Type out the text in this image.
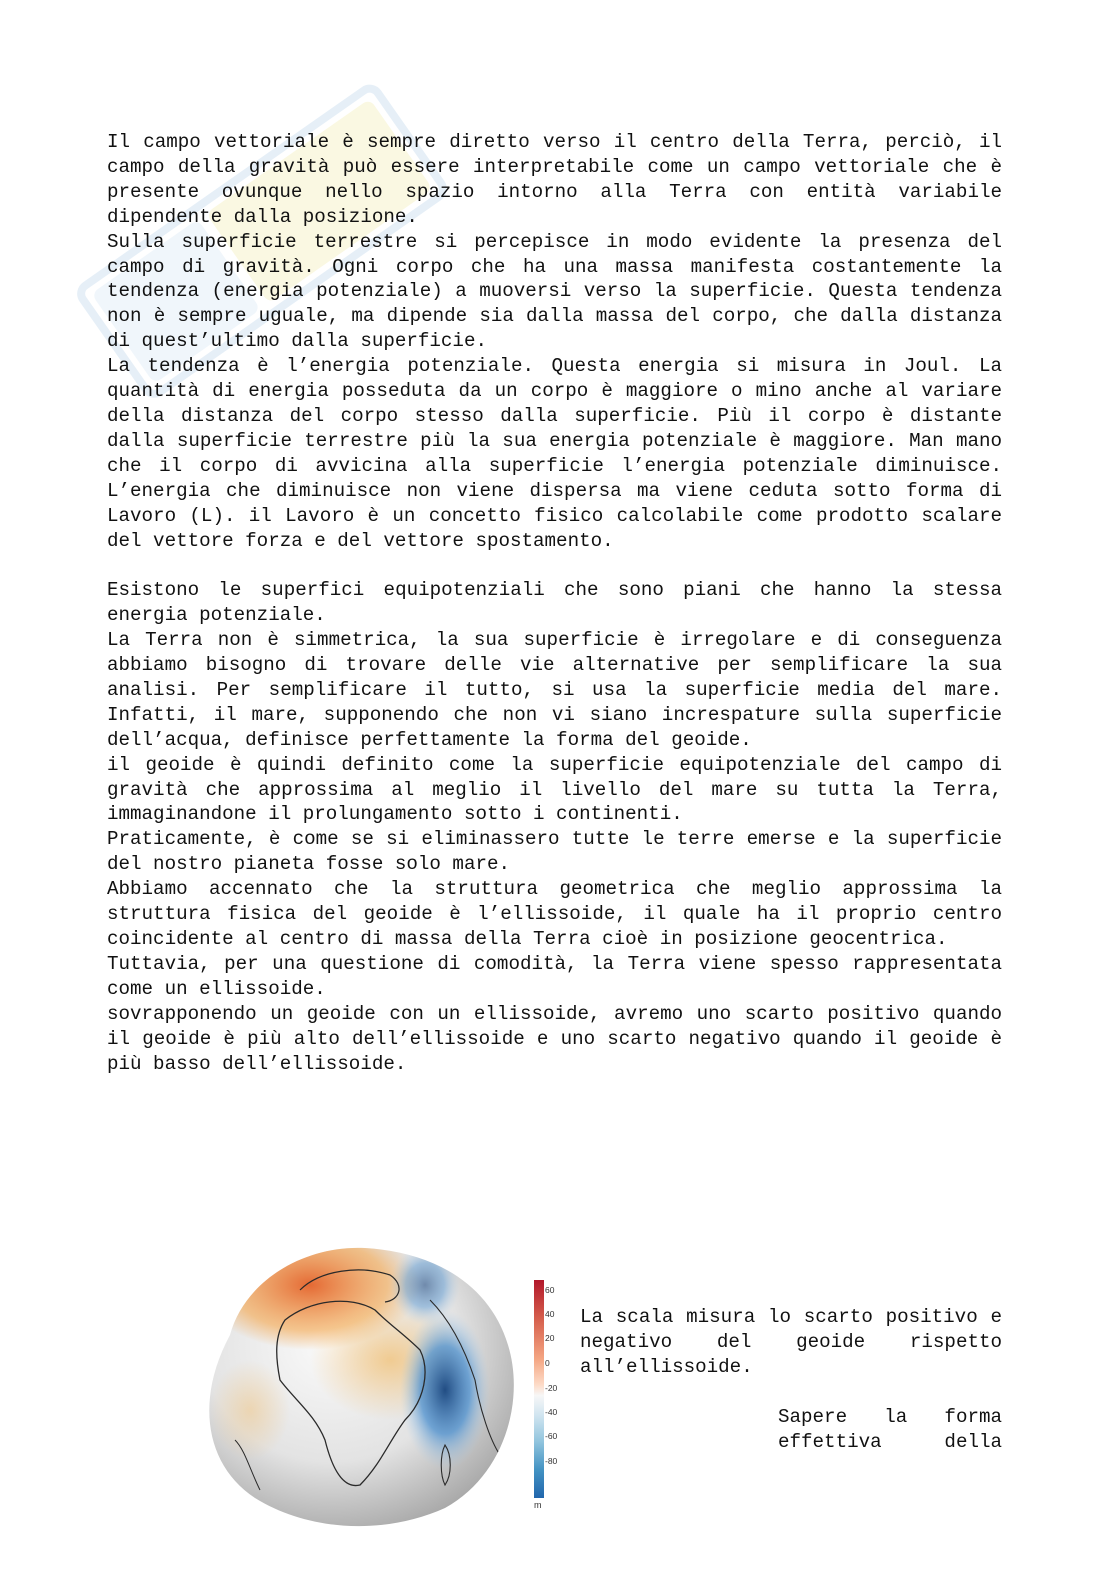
Il campo vettoriale è sempre diretto verso il centro della Terra, perciò, il campo della gravità può essere interpretabile come un campo vettoriale che è presente ovunque nello spazio intorno alla Terra con entità variabile dipendente dalla posizione.

Sulla superficie terrestre si percepisce in modo evidente la presenza del campo di gravità. Ogni corpo che ha una massa manifesta costantemente la tendenza (energia potenziale) a muoversi verso la superficie. Questa tendenza non è sempre uguale, ma dipende sia dalla massa del corpo, che dalla distanza di quest’ultimo dalla superficie.

La tendenza è l’energia potenziale. Questa energia si misura in Joul. La quantità di energia posseduta da un corpo è maggiore o mino anche al variare della distanza del corpo stesso dalla superficie. Più il corpo è distante dalla superficie terrestre più la sua energia potenziale è maggiore. Man mano che il corpo di avvicina alla superficie l’energia potenziale diminuisce. L’energia che diminuisce non viene dispersa ma viene ceduta sotto forma di Lavoro (L). il Lavoro è un concetto fisico calcolabile come prodotto scalare del vettore forza e del vettore spostamento.

Esistono le superfici equipotenziali che sono piani che hanno la stessa energia potenziale.

La Terra non è simmetrica, la sua superficie è irregolare e di conseguenza abbiamo bisogno di trovare delle vie alternative per semplificare la sua analisi. Per semplificare il tutto, si usa la superficie media del mare. Infatti, il mare, supponendo che non vi siano increspature sulla superficie dell’acqua, definisce perfettamente la forma del geoide.

il geoide è quindi definito come la superficie equipotenziale del campo di gravità che approssima al meglio il livello del mare su tutta la Terra, immaginandone il prolungamento sotto i continenti.

Praticamente, è come se si eliminassero tutte le terre emerse e la superficie del nostro pianeta fosse solo mare.

Abbiamo accennato che la struttura geometrica che meglio approssima la struttura fisica del geoide è l’ellissoide, il quale ha il proprio centro coincidente al centro di massa della Terra cioè in posizione geocentrica.

Tuttavia, per una questione di comodità, la Terra viene spesso rappresentata come un ellissoide.

sovrapponendo un geoide con un ellissoide, avremo uno scarto positivo quando il geoide è più alto dell’ellissoide e uno scarto negativo quando il geoide è più basso dell’ellissoide.

60
40
20
0
-20
-40
-60
-80
m

La scala misura lo scarto positivo e negativo del geoide rispetto all’ellissoide.

Sapere la forma effettiva della
